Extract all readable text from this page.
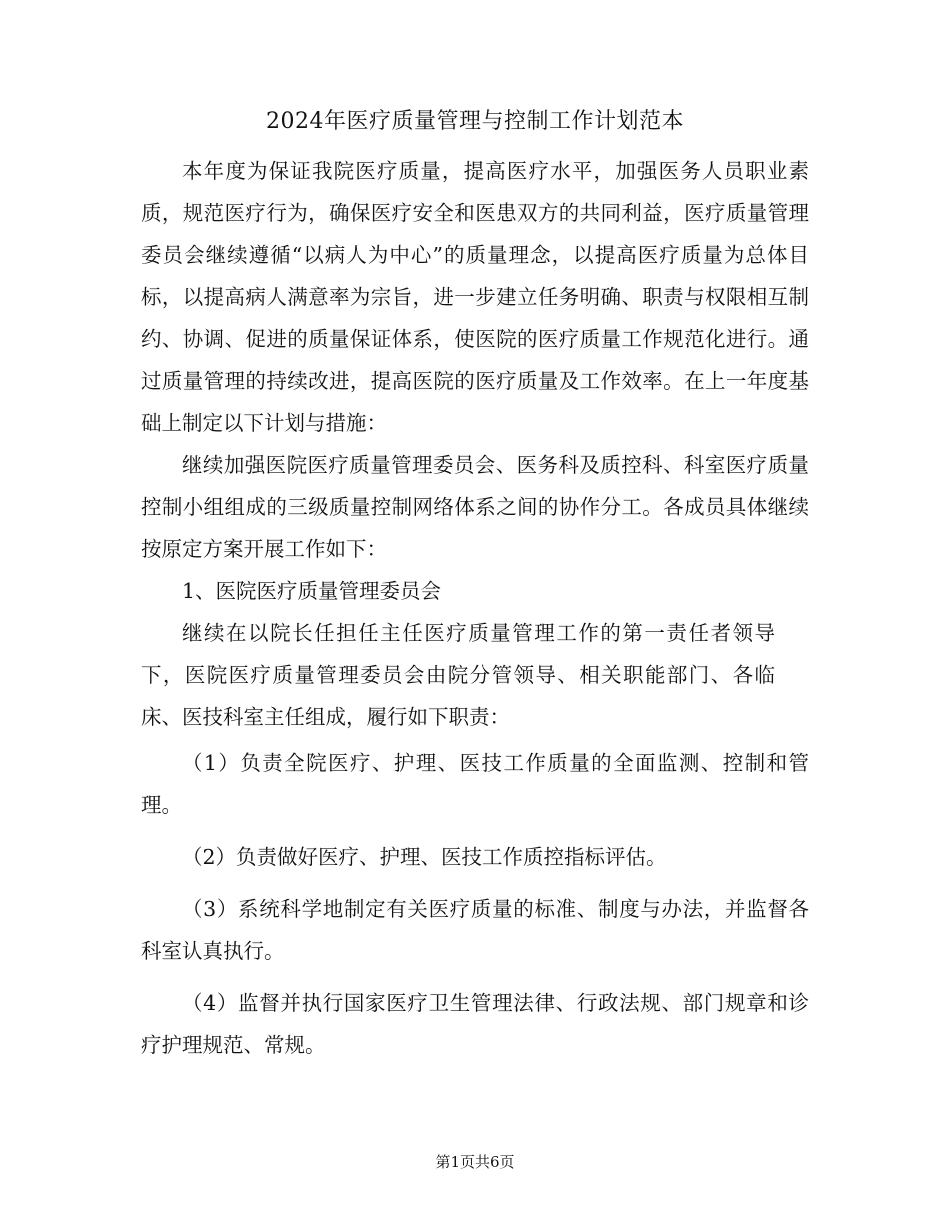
2024年医疗质量管理与控制工作计划范本

本年度为保证我院医疗质量，提高医疗水平，加强医务人员职业素质，规范医疗行为，确保医疗安全和医患双方的共同利益，医疗质量管理委员会继续遵循“以病人为中心”的质量理念，以提高医疗质量为总体目标，以提高病人满意率为宗旨，进一步建立任务明确、职责与权限相互制约、协调、促进的质量保证体系，使医院的医疗质量工作规范化进行。通过质量管理的持续改进，提高医院的医疗质量及工作效率。在上一年度基础上制定以下计划与措施：

继续加强医院医疗质量管理委员会、医务科及质控科、科室医疗质量控制小组组成的三级质量控制网络体系之间的协作分工。各成员具体继续按原定方案开展工作如下：

1、医院医疗质量管理委员会

继续在以院长任担任主任医疗质量管理工作的第一责任者领导下，医院医疗质量管理委员会由院分管领导、相关职能部门、各临床、医技科室主任组成，履行如下职责：

（1）负责全院医疗、护理、医技工作质量的全面监测、控制和管理。

（2）负责做好医疗、护理、医技工作质控指标评估。

（3）系统科学地制定有关医疗质量的标准、制度与办法，并监督各科室认真执行。

（4）监督并执行国家医疗卫生管理法律、行政法规、部门规章和诊疗护理规范、常规。

第1页共6页
